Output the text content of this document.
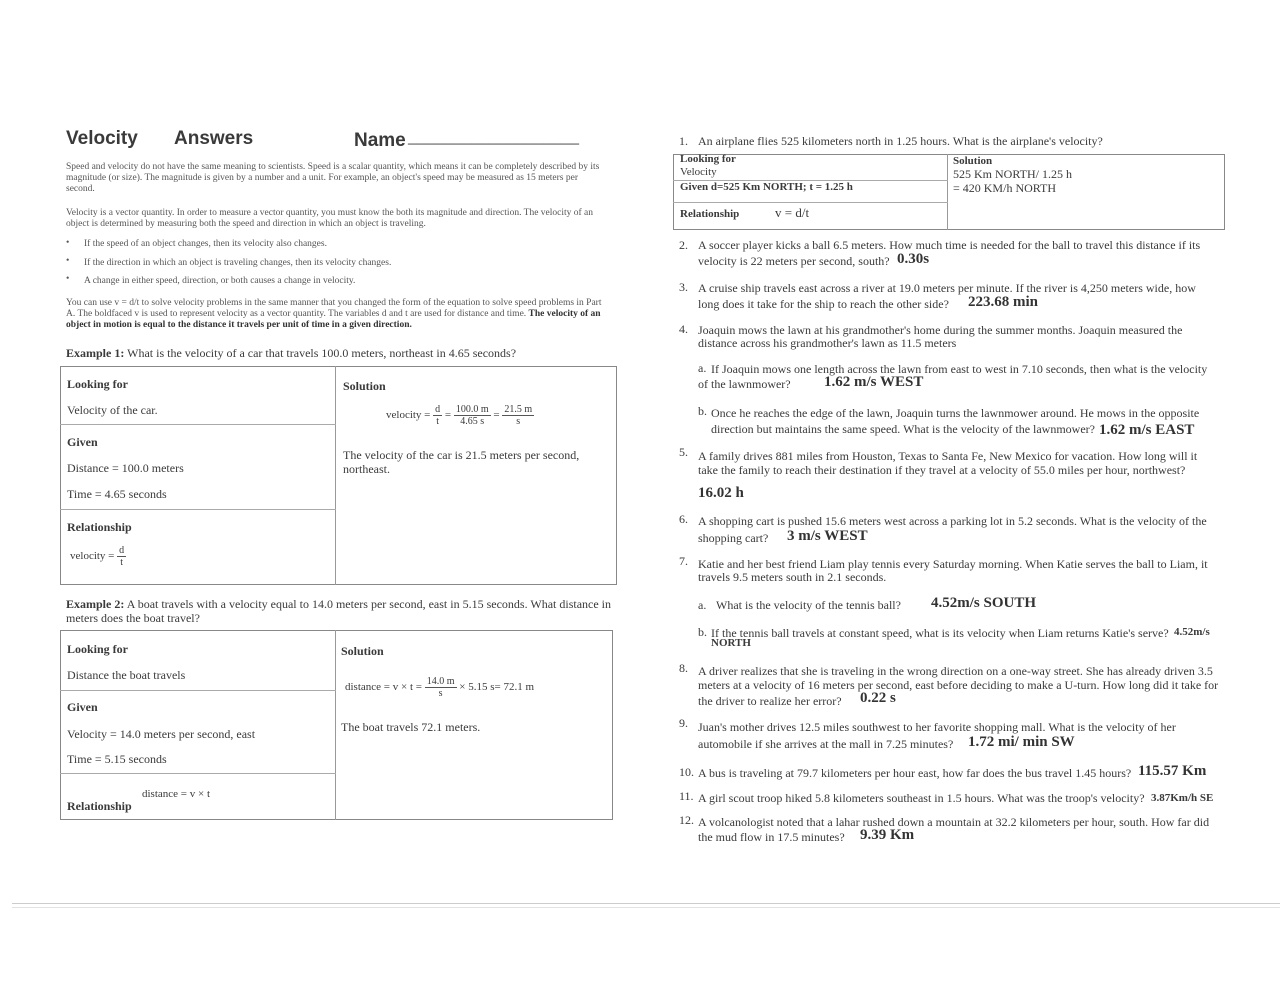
Velocity Answers	Name ___________________
Speed and velocity do not have the same meaning to scientists. Speed is a scalar quantity, which means it can be completely described by its magnitude (or size). The magnitude is given by a number and a unit. For example, an object's speed may be measured as 15 meters per second.
Velocity is a vector quantity. In order to measure a vector quantity, you must know the both its magnitude and direction. The velocity of an object is determined by measuring both the speed and direction in which an object is traveling.
• If the speed of an object changes, then its velocity also changes.
• If the direction in which an object is traveling changes, then its velocity changes.
• A change in either speed, direction, or both causes a change in velocity.
You can use v = d/t to solve velocity problems in the same manner that you changed the form of the equation to solve speed problems in Part A. The boldfaced v is used to represent velocity as a vector quantity. The variables d and t are used for distance and time. The velocity of an object in motion is equal to the distance it travels per unit of time in a given direction.
Example 1: What is the velocity of a car that travels 100.0 meters, northeast in 4.65 seconds?
Looking for
Velocity of the car.
Given
Distance = 100.0 meters
Time = 4.65 seconds
Relationship
velocity = $\frac{d}{t}$
Solution
velocity = $\frac{d}{t} = \frac{100.0 m}{4.65 s} = \frac{21.5 m}{s}$
The velocity of the car is 21.5 meters per second, northeast.
Example 2: A boat travels with a velocity equal to 14.0 meters per second, east in 5.15 seconds. What distance in meters does the boat travel?
Looking for
Distance the boat travels
Given
Velocity = 14.0 meters per second, east
Time = 5.15 seconds
distance = v × t
Relationship
Solution
distance = $v \times t = \frac{14.0 m}{s} \times 5.15$ s= 72.1 m
The boat travels 72.1 meters.
1. An airplane flies 525 kilometers north in 1.25 hours. What is the airplane's velocity?
Looking for
Velocity
Given d=525 Km NORTH; t = 1.25 h
Relationship	v = d/t
Solution
525 Km NORTH/ 1.25 h
= 420 KM/h NORTH
2. A soccer player kicks a ball 6.5 meters. How much time is needed for the ball to travel this distance if its
velocity is 22 meters per second, south? 0.30s
3. A cruise ship travels east across a river at 19.0 meters per minute. If the river is 4,250 meters wide, how
long does it take for the ship to reach the other side? 223.68 min
4. Joaquin mows the lawn at his grandmother's home during the summer months. Joaquin measured the
distance across his grandmother's lawn as 11.5 meters
a. If Joaquin mows one length across the lawn from east to west in 7.10 seconds, then what is the velocity
of the lawnmower? 1.62 m/s WEST
b. Once he reaches the edge of the lawn, Joaquin turns the lawnmower around. He mows in the opposite
direction but maintains the same speed. What is the velocity of the lawnmower? 1.62 m/s EAST
5. A family drives 881 miles from Houston, Texas to Santa Fe, New Mexico for vacation. How long will it
take the family to reach their destination if they travel at a velocity of 55.0 miles per hour, northwest?
16.02 h
6. A shopping cart is pushed 15.6 meters west across a parking lot in 5.2 seconds. What is the velocity of the
shopping cart? 3 m/s WEST
7. Katie and her best friend Liam play tennis every Saturday morning. When Katie serves the ball to Liam, it
travels 9.5 meters south in 2.1 seconds.
a. What is the velocity of the tennis ball? 4.52m/s SOUTH
b. If the tennis ball travels at constant speed, what is its velocity when Liam returns Katie's serve? 4.52m/s
NORTH
8. A driver realizes that she is traveling in the wrong direction on a one-way street. She has already driven 3.5
meters at a velocity of 16 meters per second, east before deciding to make a U-turn. How long did it take for
the driver to realize her error? 0.22 s
9. Juan's mother drives 12.5 miles southwest to her favorite shopping mall. What is the velocity of her
automobile if she arrives at the mall in 7.25 minutes? 1.72 mi/ min SW
10. A bus is traveling at 79.7 kilometers per hour east, how far does the bus travel 1.45 hours? 115.57 Km
11. A girl scout troop hiked 5.8 kilometers southeast in 1.5 hours. What was the troop's velocity? 3.87Km/h SE
12. A volcanologist noted that a lahar rushed down a mountain at 32.2 kilometers per hour, south. How far did
the mud flow in 17.5 minutes? 9.39 Km
